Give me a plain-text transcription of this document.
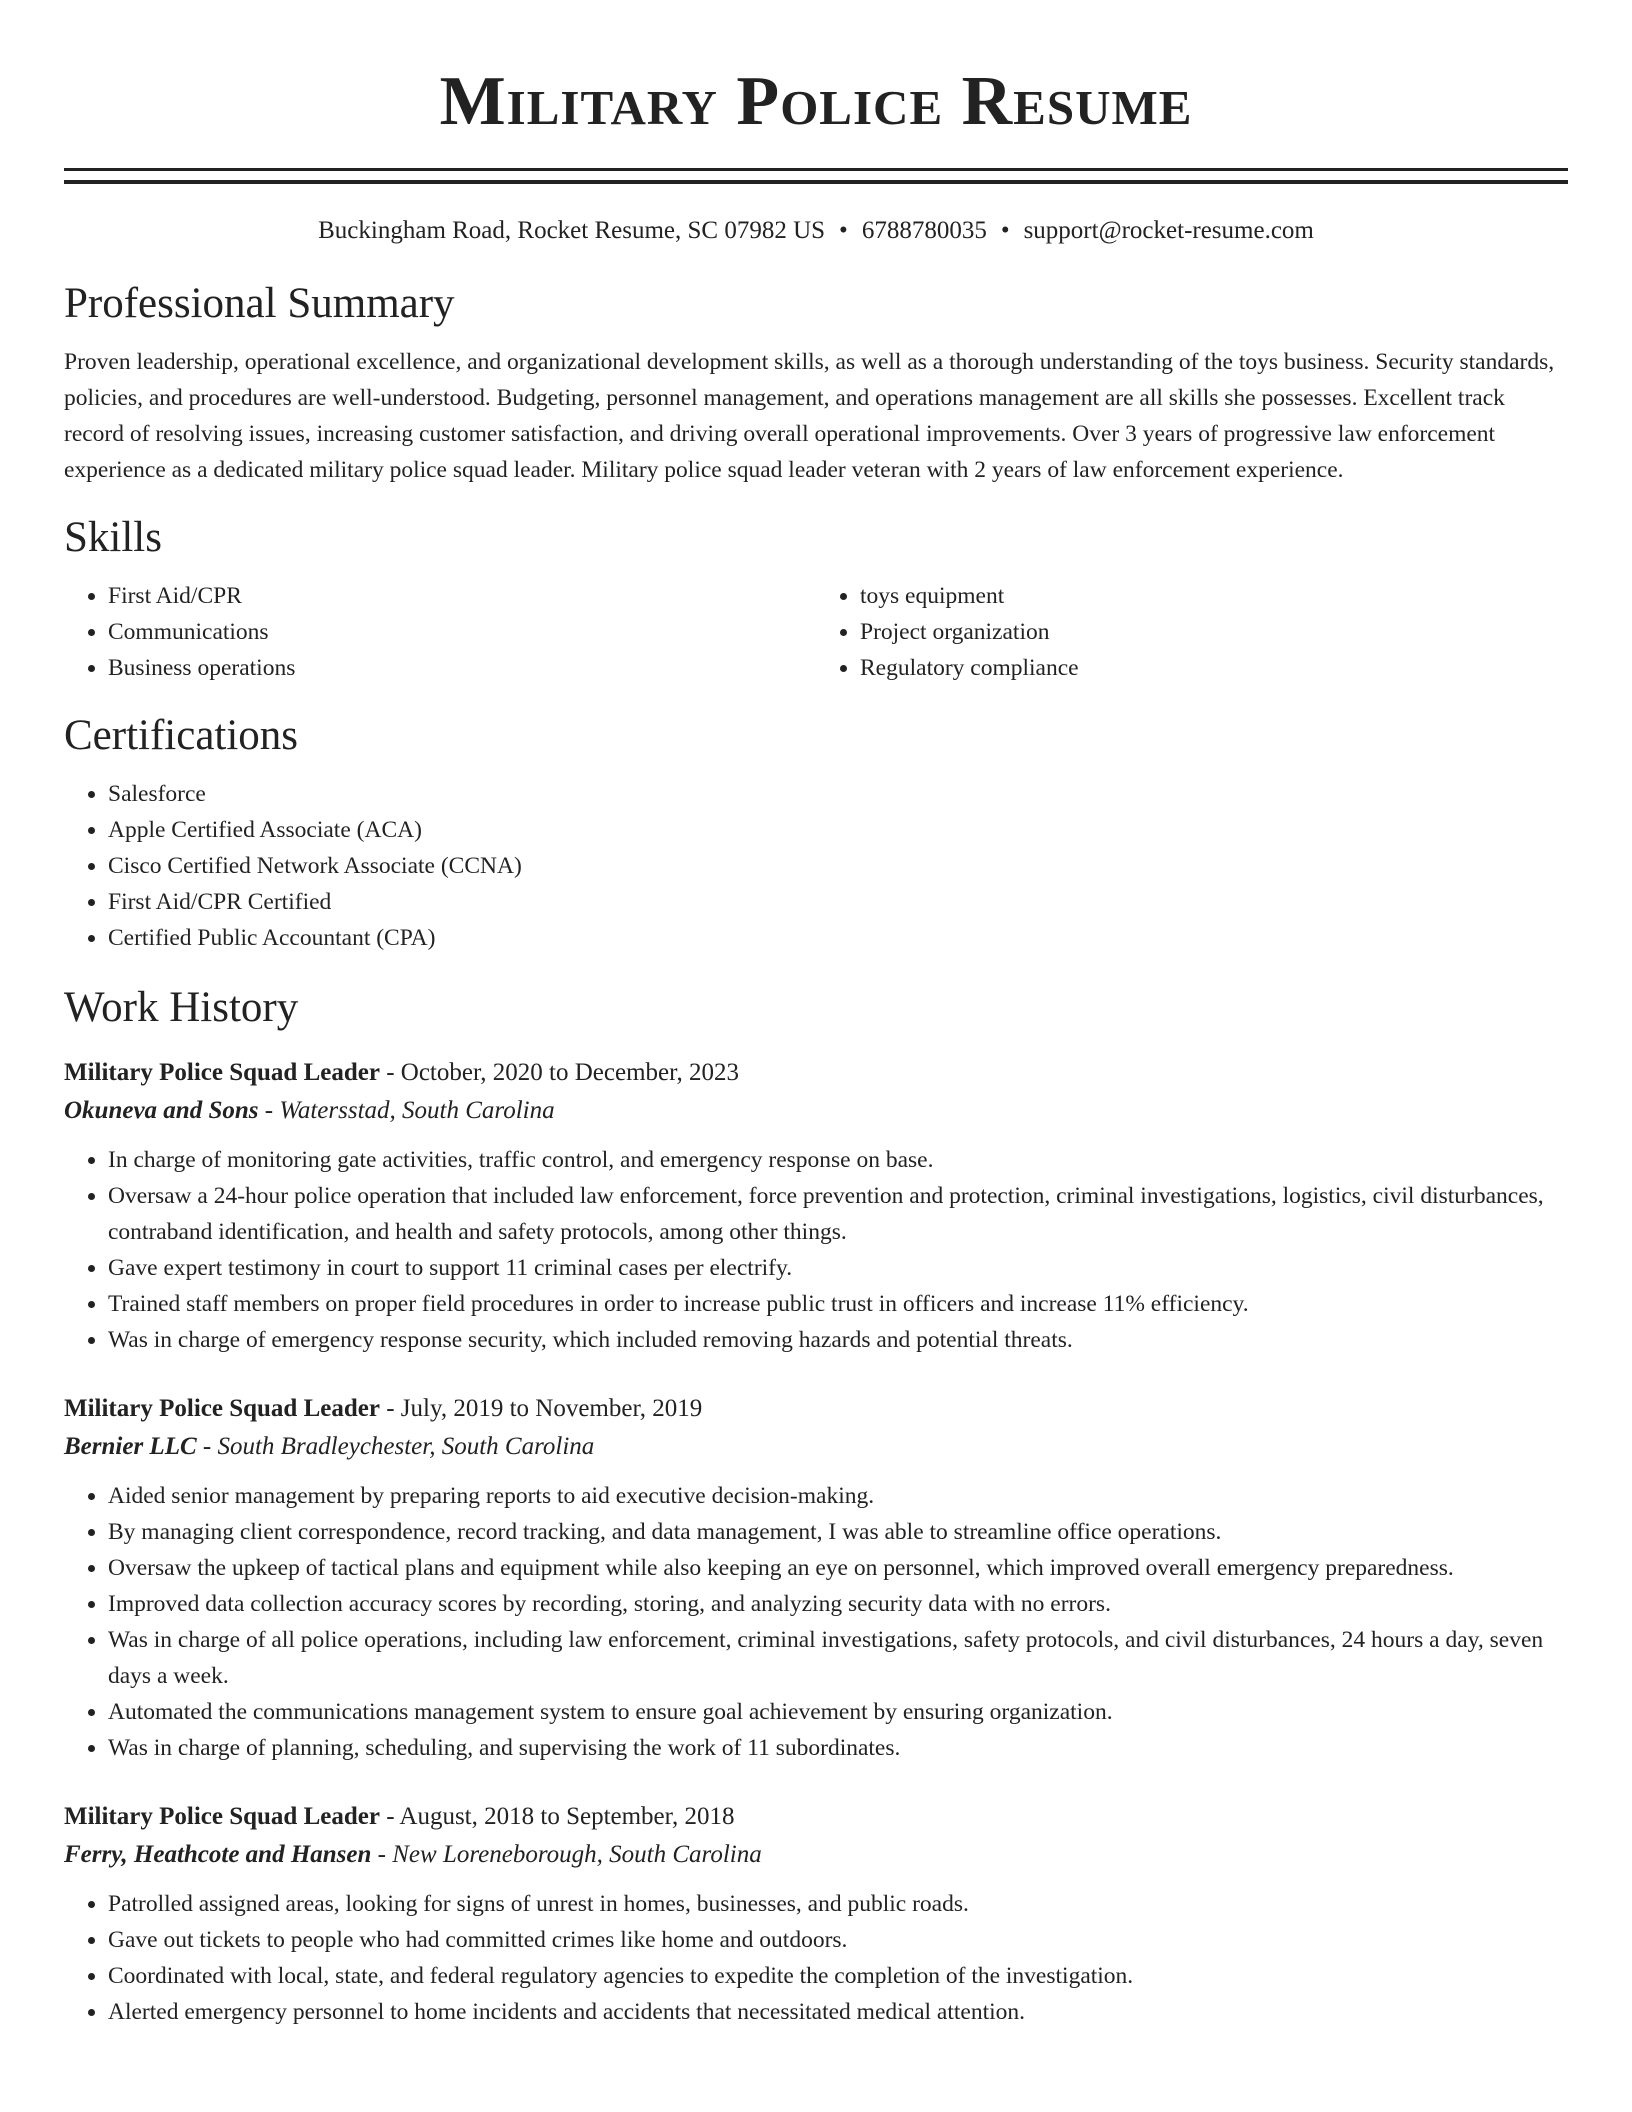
Military Police Resume
Buckingham Road, Rocket Resume, SC 07982 US • 6788780035 • support@rocket-resume.com
Professional Summary

Proven leadership, operational excellence, and organizational development skills, as well as a thorough understanding of the toys business. Security standards, policies, and procedures are well-understood. Budgeting, personnel management, and operations management are all skills she possesses. Excellent track record of resolving issues, increasing customer satisfaction, and driving overall operational improvements. Over 3 years of progressive law enforcement experience as a dedicated military police squad leader. Military police squad leader veteran with 2 years of law enforcement experience.

Skills
• First Aid/CPR
• Communications
• Business operations
• toys equipment
• Project organization
• Regulatory compliance
Certifications
• Salesforce
• Apple Certified Associate (ACA)
• Cisco Certified Network Associate (CCNA)
• First Aid/CPR Certified
• Certified Public Accountant (CPA)
Work History
Military Police Squad Leader - October, 2020 to December, 2023
Okuneva and Sons - Watersstad, South Carolina
• In charge of monitoring gate activities, traffic control, and emergency response on base.
• Oversaw a 24-hour police operation that included law enforcement, force prevention and protection, criminal investigations, logistics, civil disturbances, contraband identification, and health and safety protocols, among other things.
• Gave expert testimony in court to support 11 criminal cases per electrify.
• Trained staff members on proper field procedures in order to increase public trust in officers and increase 11% efficiency.
• Was in charge of emergency response security, which included removing hazards and potential threats.
Military Police Squad Leader - July, 2019 to November, 2019
Bernier LLC - South Bradleychester, South Carolina
• Aided senior management by preparing reports to aid executive decision-making.
• By managing client correspondence, record tracking, and data management, I was able to streamline office operations.
• Oversaw the upkeep of tactical plans and equipment while also keeping an eye on personnel, which improved overall emergency preparedness.
• Improved data collection accuracy scores by recording, storing, and analyzing security data with no errors.
• Was in charge of all police operations, including law enforcement, criminal investigations, safety protocols, and civil disturbances, 24 hours a day, seven days a week.
• Automated the communications management system to ensure goal achievement by ensuring organization.
• Was in charge of planning, scheduling, and supervising the work of 11 subordinates.
Military Police Squad Leader - August, 2018 to September, 2018
Ferry, Heathcote and Hansen - New Loreneborough, South Carolina
• Patrolled assigned areas, looking for signs of unrest in homes, businesses, and public roads.
• Gave out tickets to people who had committed crimes like home and outdoors.
• Coordinated with local, state, and federal regulatory agencies to expedite the completion of the investigation.
• Alerted emergency personnel to home incidents and accidents that necessitated medical attention.
